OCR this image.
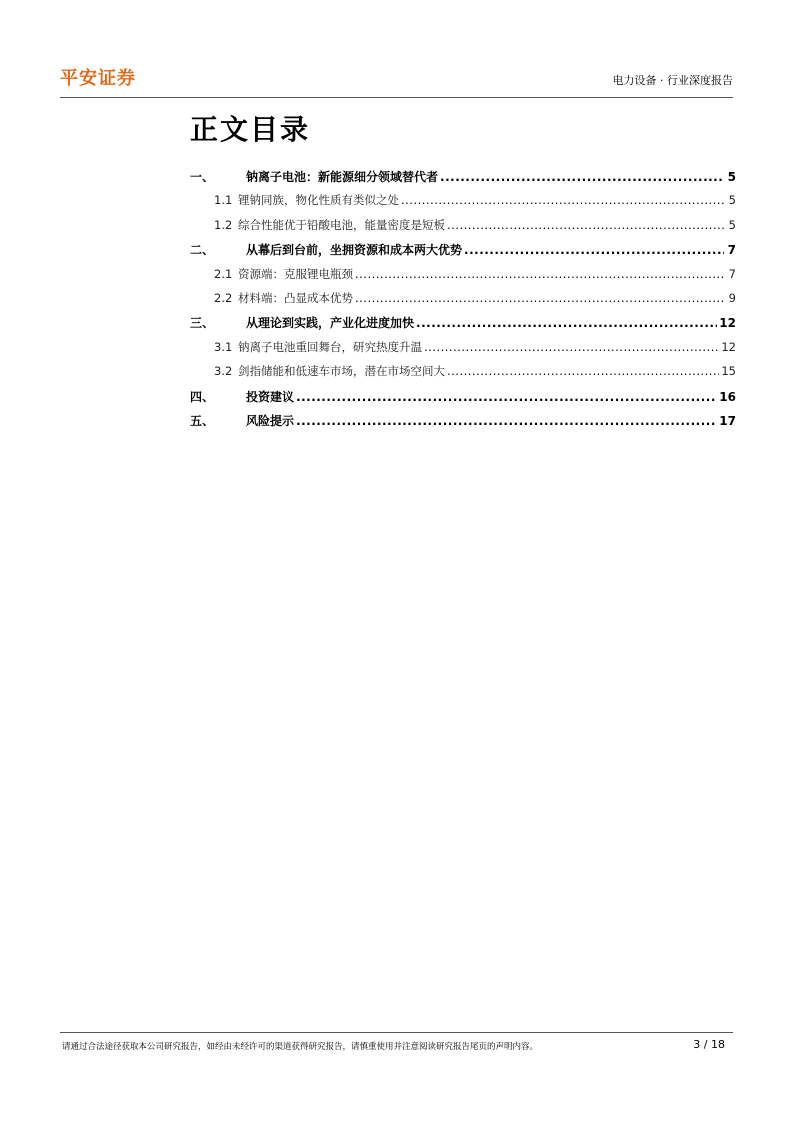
平安证券	电力设备 · 行业深度报告
正文目录
一、	钠离子电池：新能源细分领域替代者 .....	5
1.1 锂钠同族，物化性质有类似之处 .....	5
1.2 综合性能优于铅酸电池，能量密度是短板 .....	5
二、	从幕后到台前，坐拥资源和成本两大优势 .....	7
2.1 资源端：克服锂电瓶颈 .....	7
2.2 材料端：凸显成本优势 .....	9
三、	从理论到实践，产业化进度加快 .....	12
3.1 钠离子电池重回舞台，研究热度升温 .....	12
3.2 剑指储能和低速车市场，潜在市场空间大 .....	15
四、	投资建议 .....	16
五、	风险提示 .....	17
请通过合法途径获取本公司研究报告，如经由未经许可的渠道获得研究报告，请慎重使用并注意阅读研究报告尾页的声明内容。	3 / 18
